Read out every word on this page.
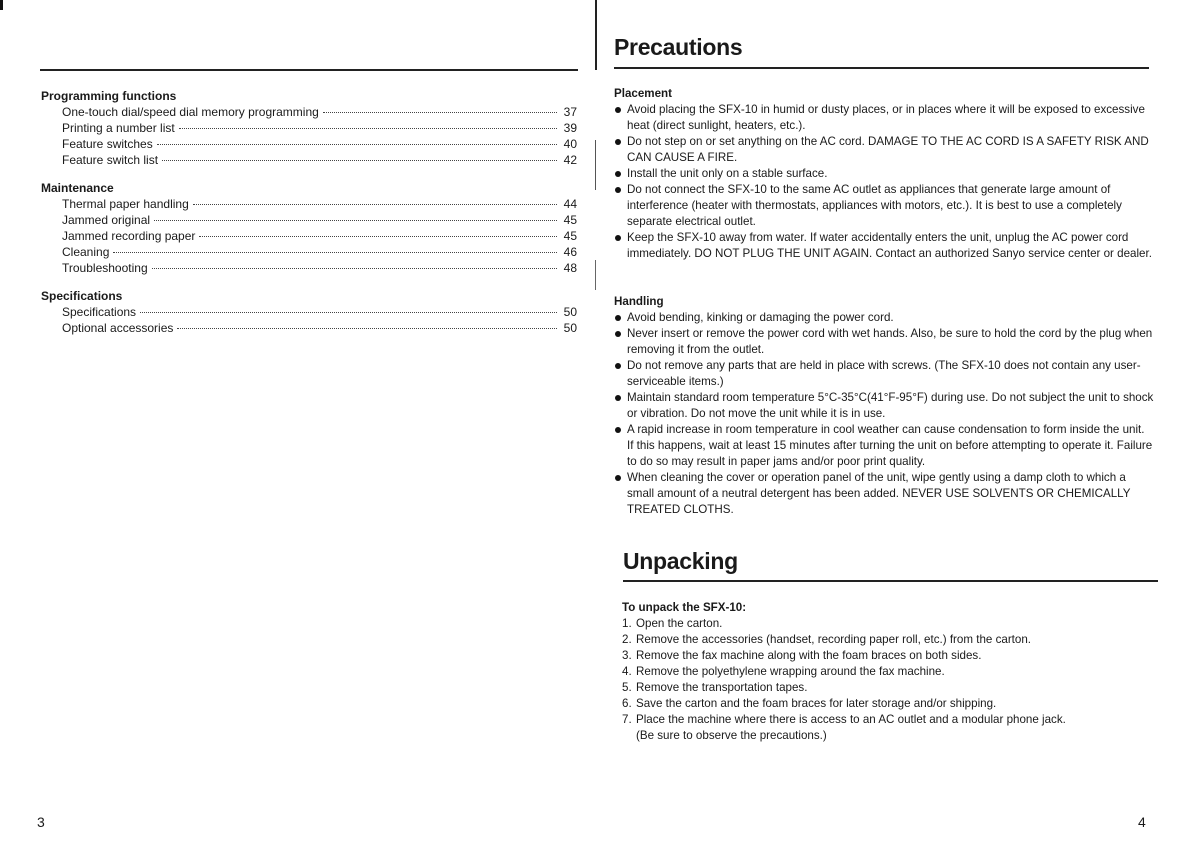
Programming functions

One-touch dial/speed dial memory programming	37
Printing a number list	39
Feature switches	40
Feature switch list	42

Maintenance

Thermal paper handling	44
Jammed original	45
Jammed recording paper	45
Cleaning	46
Troubleshooting	48

Specifications

Specifications	50
Optional accessories	50
3
Precautions

Placement

Avoid placing the SFX-10 in humid or dusty places, or in places where it will be exposed to excessive heat (direct sunlight, heaters, etc.).
Do not step on or set anything on the AC cord. DAMAGE TO THE AC CORD IS A SAFETY RISK AND CAN CAUSE A FIRE.
Install the unit only on a stable surface.
Do not connect the SFX-10 to the same AC outlet as appliances that generate large amount of interference (heater with thermostats, appliances with motors, etc.). It is best to use a completely separate electrical outlet.
Keep the SFX-10 away from water. If water accidentally enters the unit, unplug the AC power cord immediately. DO NOT PLUG THE UNIT AGAIN. Contact an authorized Sanyo service center or dealer.

Handling

Avoid bending, kinking or damaging the power cord.
Never insert or remove the power cord with wet hands. Also, be sure to hold the cord by the plug when removing it from the outlet.
Do not remove any parts that are held in place with screws. (The SFX-10 does not contain any user-serviceable items.)
Maintain standard room temperature 5°C-35°C(41°F-95°F) during use. Do not subject the unit to shock or vibration. Do not move the unit while it is in use.
A rapid increase in room temperature in cool weather can cause condensation to form inside the unit. If this happens, wait at least 15 minutes after turning the unit on before attempting to operate it. Failure to do so may result in paper jams and/or poor print quality.
When cleaning the cover or operation panel of the unit, wipe gently using a damp cloth to which a small amount of a neutral detergent has been added. NEVER USE SOLVENTS OR CHEMICALLY TREATED CLOTHS.
Unpacking

To unpack the SFX-10:

1. Open the carton.
2. Remove the accessories (handset, recording paper roll, etc.) from the carton.
3. Remove the fax machine along with the foam braces on both sides.
4. Remove the polyethylene wrapping around the fax machine.
5. Remove the transportation tapes.
6. Save the carton and the foam braces for later storage and/or shipping.
7. Place the machine where there is access to an AC outlet and a modular phone jack.
(Be sure to observe the precautions.)
4
